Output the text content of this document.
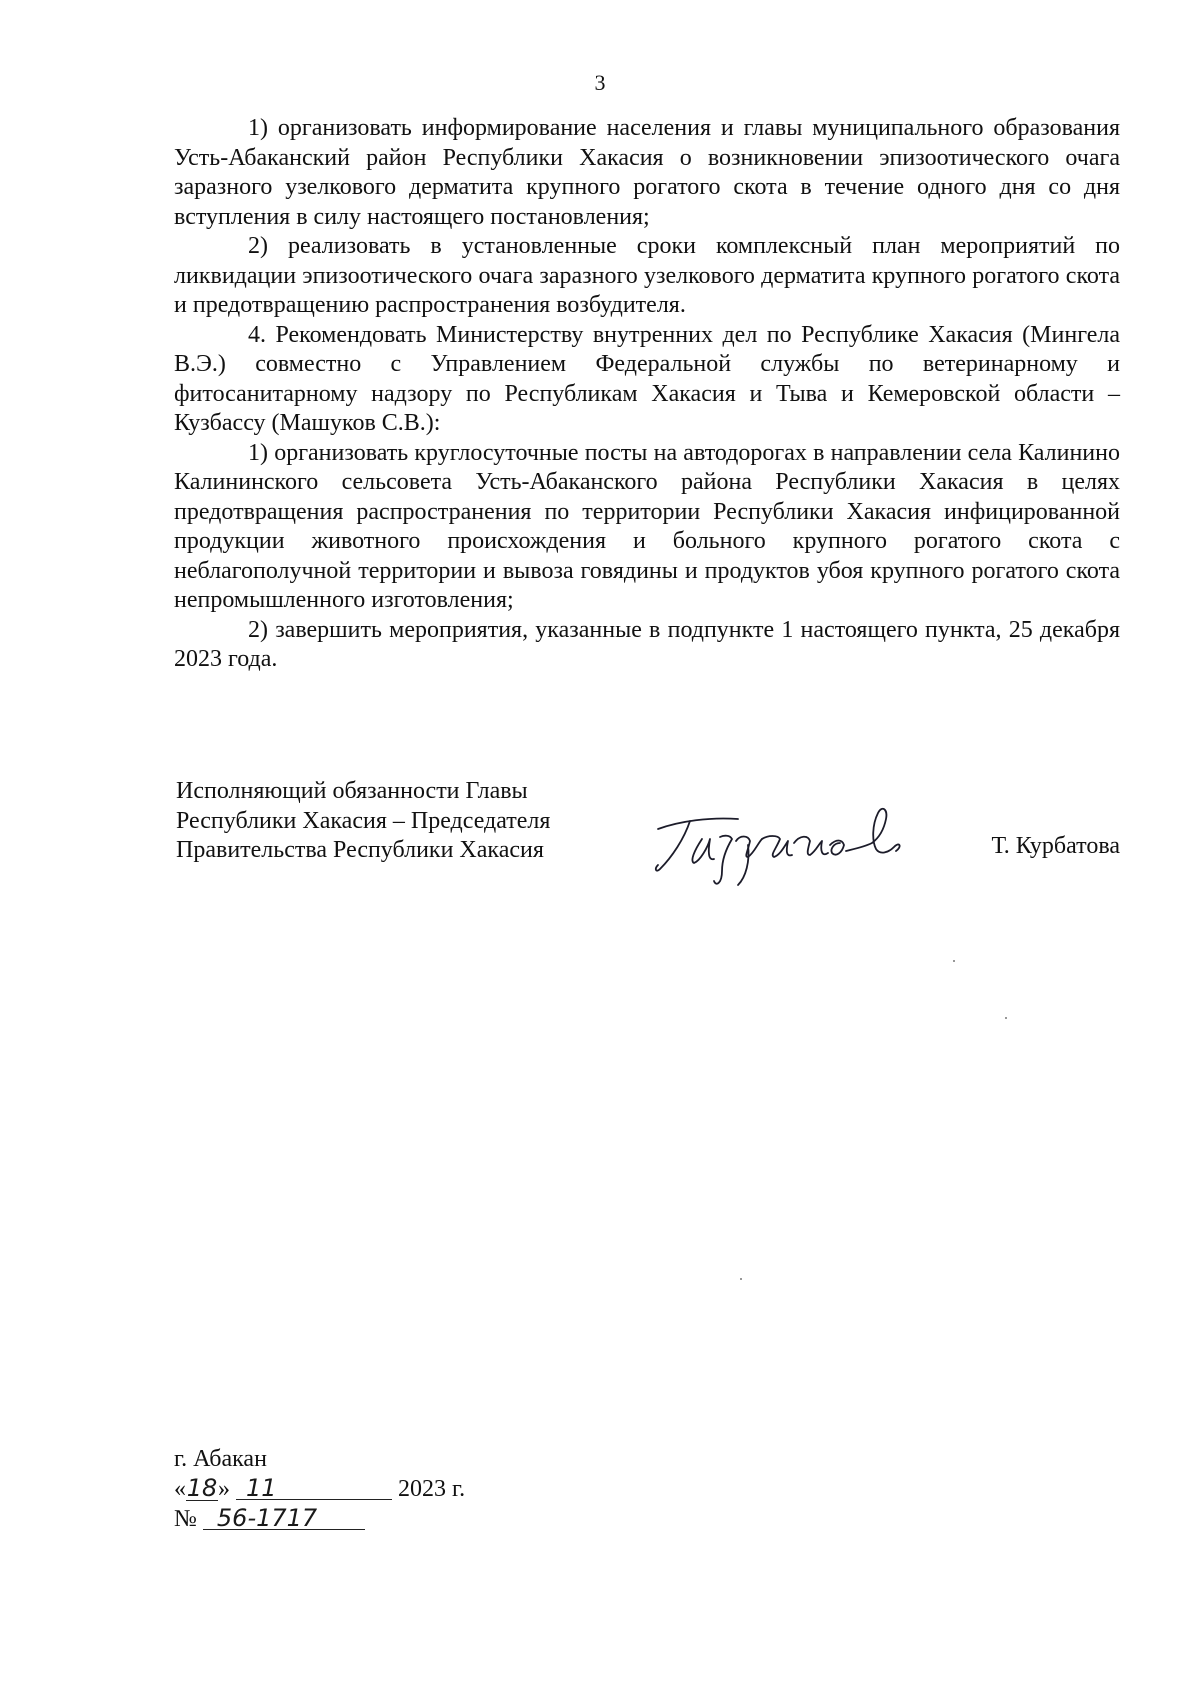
3

1) организовать информирование населения и главы муниципального образования Усть-Абаканский район Республики Хакасия о возникновении эпизоотического очага заразного узелкового дерматита крупного рогатого скота в течение одного дня со дня вступления в силу настоящего постановления;

2) реализовать в установленные сроки комплексный план мероприятий по ликвидации эпизоотического очага заразного узелкового дерматита крупного рогатого скота и предотвращению распространения возбудителя.

4. Рекомендовать Министерству внутренних дел по Республике Хакасия (Мингела В.Э.) совместно с Управлением Федеральной службы по ветеринарному и фитосанитарному надзору по Республикам Хакасия и Тыва и Кемеровской области – Кузбассу (Машуков С.В.):

1) организовать круглосуточные посты на автодорогах в направлении села Калинино Калининского сельсовета Усть-Абаканского района Республики Хакасия в целях предотвращения распространения по территории Республики Хакасия инфицированной продукции животного происхождения и больного крупного рогатого скота с неблагополучной территории и вывоза говядины и продуктов убоя крупного рогатого скота непромышленного изготовления;

2) завершить мероприятия, указанные в подпункте 1 настоящего пункта, 25 декабря 2023 года.

Исполняющий обязанности Главы
Республики Хакасия – Председателя
Правительства Республики Хакасия	Т. Курбатова
г. Абакан
«18» 11	2023 г.
№ 56-1717
